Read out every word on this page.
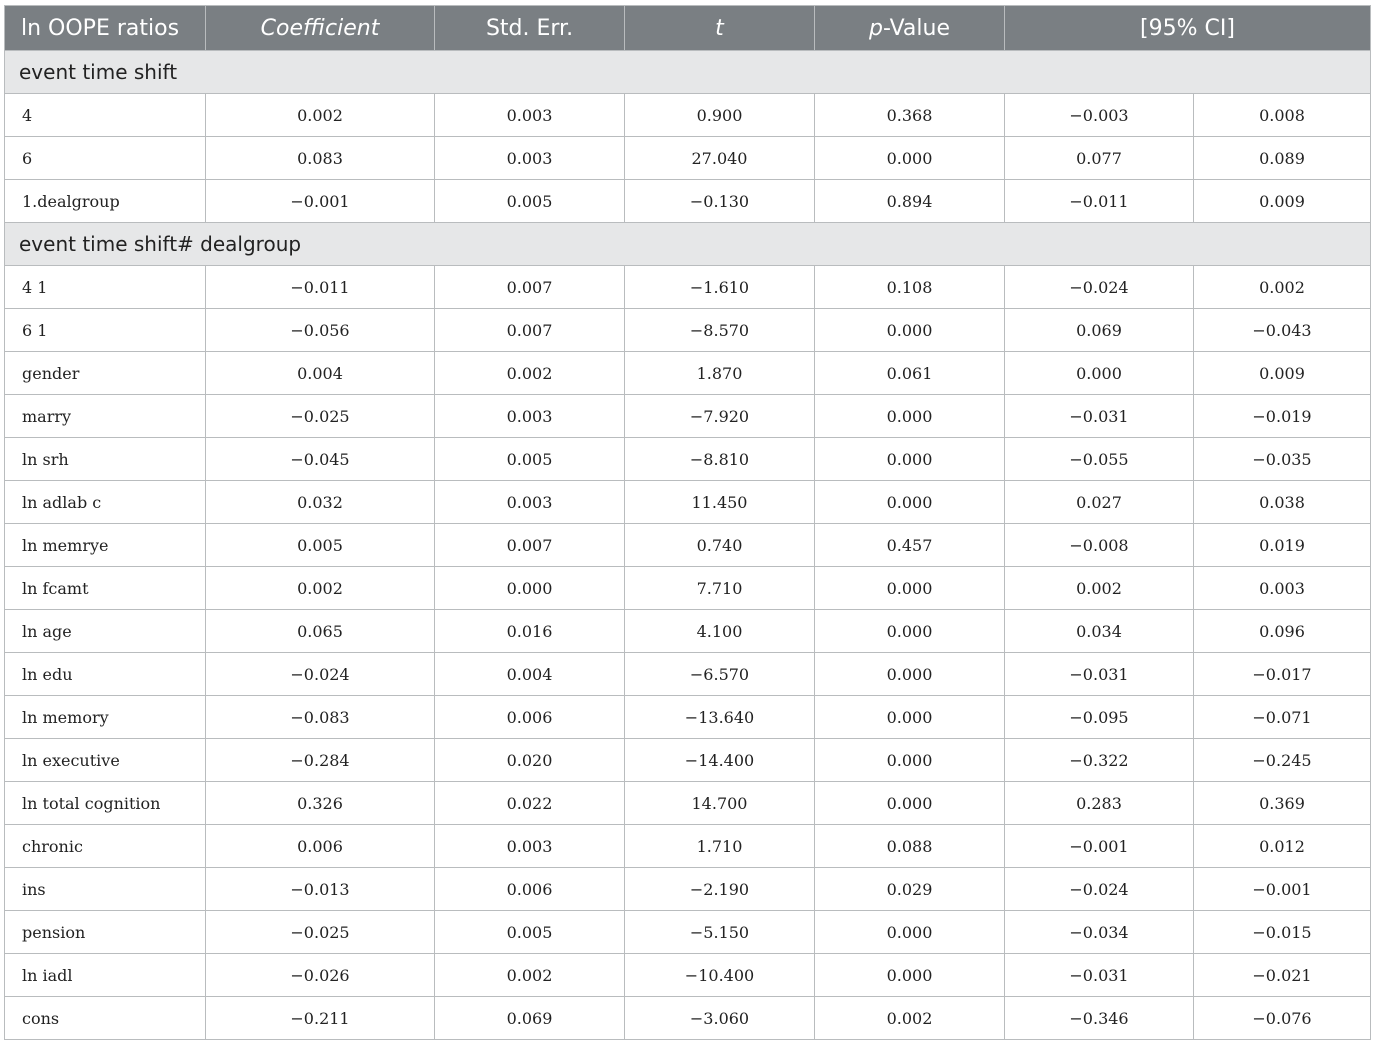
ln OOPE ratios	Coefficient	Std. Err.	t	p-Value	[95% CI]	
event time shift						
4	0.002	0.003	0.900	0.368	−0.003	0.008
6	0.083	0.003	27.040	0.000	0.077	0.089
1.dealgroup	−0.001	0.005	−0.130	0.894	−0.011	0.009
event time shift# dealgroup						
4 1	−0.011	0.007	−1.610	0.108	−0.024	0.002
6 1	−0.056	0.007	−8.570	0.000	0.069	−0.043
gender	0.004	0.002	1.870	0.061	0.000	0.009
marry	−0.025	0.003	−7.920	0.000	−0.031	−0.019
ln srh	−0.045	0.005	−8.810	0.000	−0.055	−0.035
ln adlab c	0.032	0.003	11.450	0.000	0.027	0.038
ln memrye	0.005	0.007	0.740	0.457	−0.008	0.019
ln fcamt	0.002	0.000	7.710	0.000	0.002	0.003
ln age	0.065	0.016	4.100	0.000	0.034	0.096
ln edu	−0.024	0.004	−6.570	0.000	−0.031	−0.017
ln memory	−0.083	0.006	−13.640	0.000	−0.095	−0.071
ln executive	−0.284	0.020	−14.400	0.000	−0.322	−0.245
ln total cognition	0.326	0.022	14.700	0.000	0.283	0.369
chronic	0.006	0.003	1.710	0.088	−0.001	0.012
ins	−0.013	0.006	−2.190	0.029	−0.024	−0.001
pension	−0.025	0.005	−5.150	0.000	−0.034	−0.015
ln iadl	−0.026	0.002	−10.400	0.000	−0.031	−0.021
cons	−0.211	0.069	−3.060	0.002	−0.346	−0.076
